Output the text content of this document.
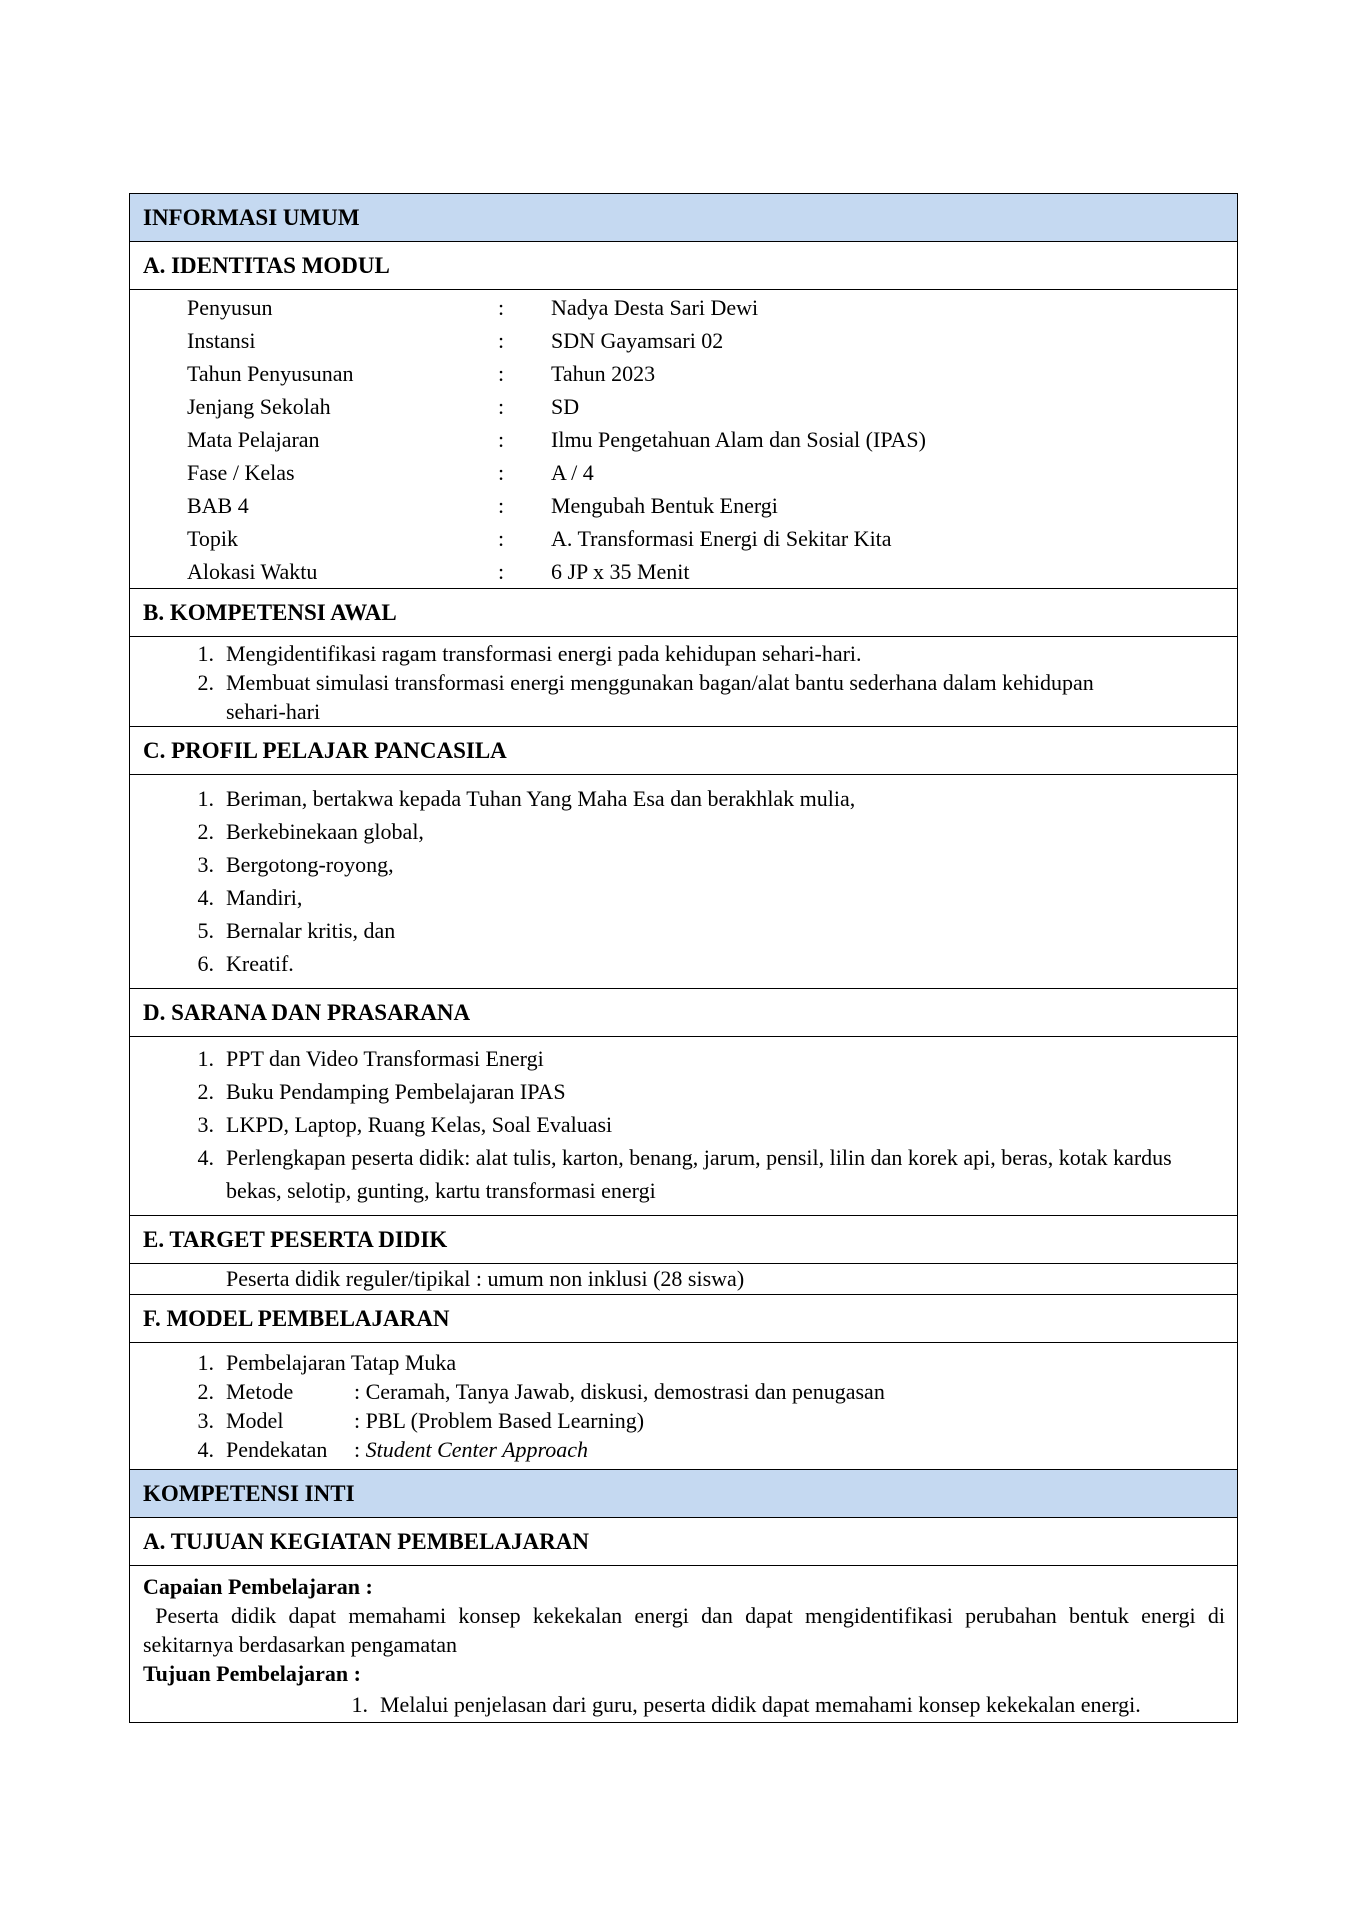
INFORMASI UMUM
A. IDENTITAS MODUL
Penyusun	:	Nadya Desta Sari Dewi
Instansi	:	SDN Gayamsari 02
Tahun Penyusunan	:	Tahun 2023
Jenjang Sekolah	:	SD
Mata Pelajaran	:	Ilmu Pengetahuan Alam dan Sosial (IPAS)
Fase / Kelas	:	A / 4
BAB 4	:	Mengubah Bentuk Energi
Topik	:	A. Transformasi Energi di Sekitar Kita
Alokasi Waktu	:	6 JP x 35 Menit
B. KOMPETENSI AWAL
1. Mengidentifikasi ragam transformasi energi pada kehidupan sehari-hari.
2. Membuat simulasi transformasi energi menggunakan bagan/alat bantu sederhana dalam kehidupan sehari-hari
C. PROFIL PELAJAR PANCASILA
1. Beriman, bertakwa kepada Tuhan Yang Maha Esa dan berakhlak mulia,
2. Berkebinekaan global,
3. Bergotong-royong,
4. Mandiri,
5. Bernalar kritis, dan
6. Kreatif.
D. SARANA DAN PRASARANA
1. PPT dan Video Transformasi Energi
2. Buku Pendamping Pembelajaran IPAS
3. LKPD, Laptop, Ruang Kelas, Soal Evaluasi
4. Perlengkapan peserta didik: alat tulis, karton, benang, jarum, pensil, lilin dan korek api, beras, kotak kardus bekas, selotip, gunting, kartu transformasi energi
E. TARGET PESERTA DIDIK
Peserta didik reguler/tipikal : umum non inklusi (28 siswa)
F. MODEL PEMBELAJARAN
1. Pembelajaran Tatap Muka
2. Metode	: Ceramah, Tanya Jawab, diskusi, demostrasi dan penugasan
3. Model	: PBL (Problem Based Learning)
4. Pendekatan : Student Center Approach
KOMPETENSI INTI
A. TUJUAN KEGIATAN PEMBELAJARAN
Capaian Pembelajaran :
Peserta didik dapat memahami konsep kekekalan energi dan dapat mengidentifikasi perubahan bentuk energi di sekitarnya berdasarkan pengamatan
Tujuan Pembelajaran :
1. Melalui penjelasan dari guru, peserta didik dapat memahami konsep kekekalan energi.
